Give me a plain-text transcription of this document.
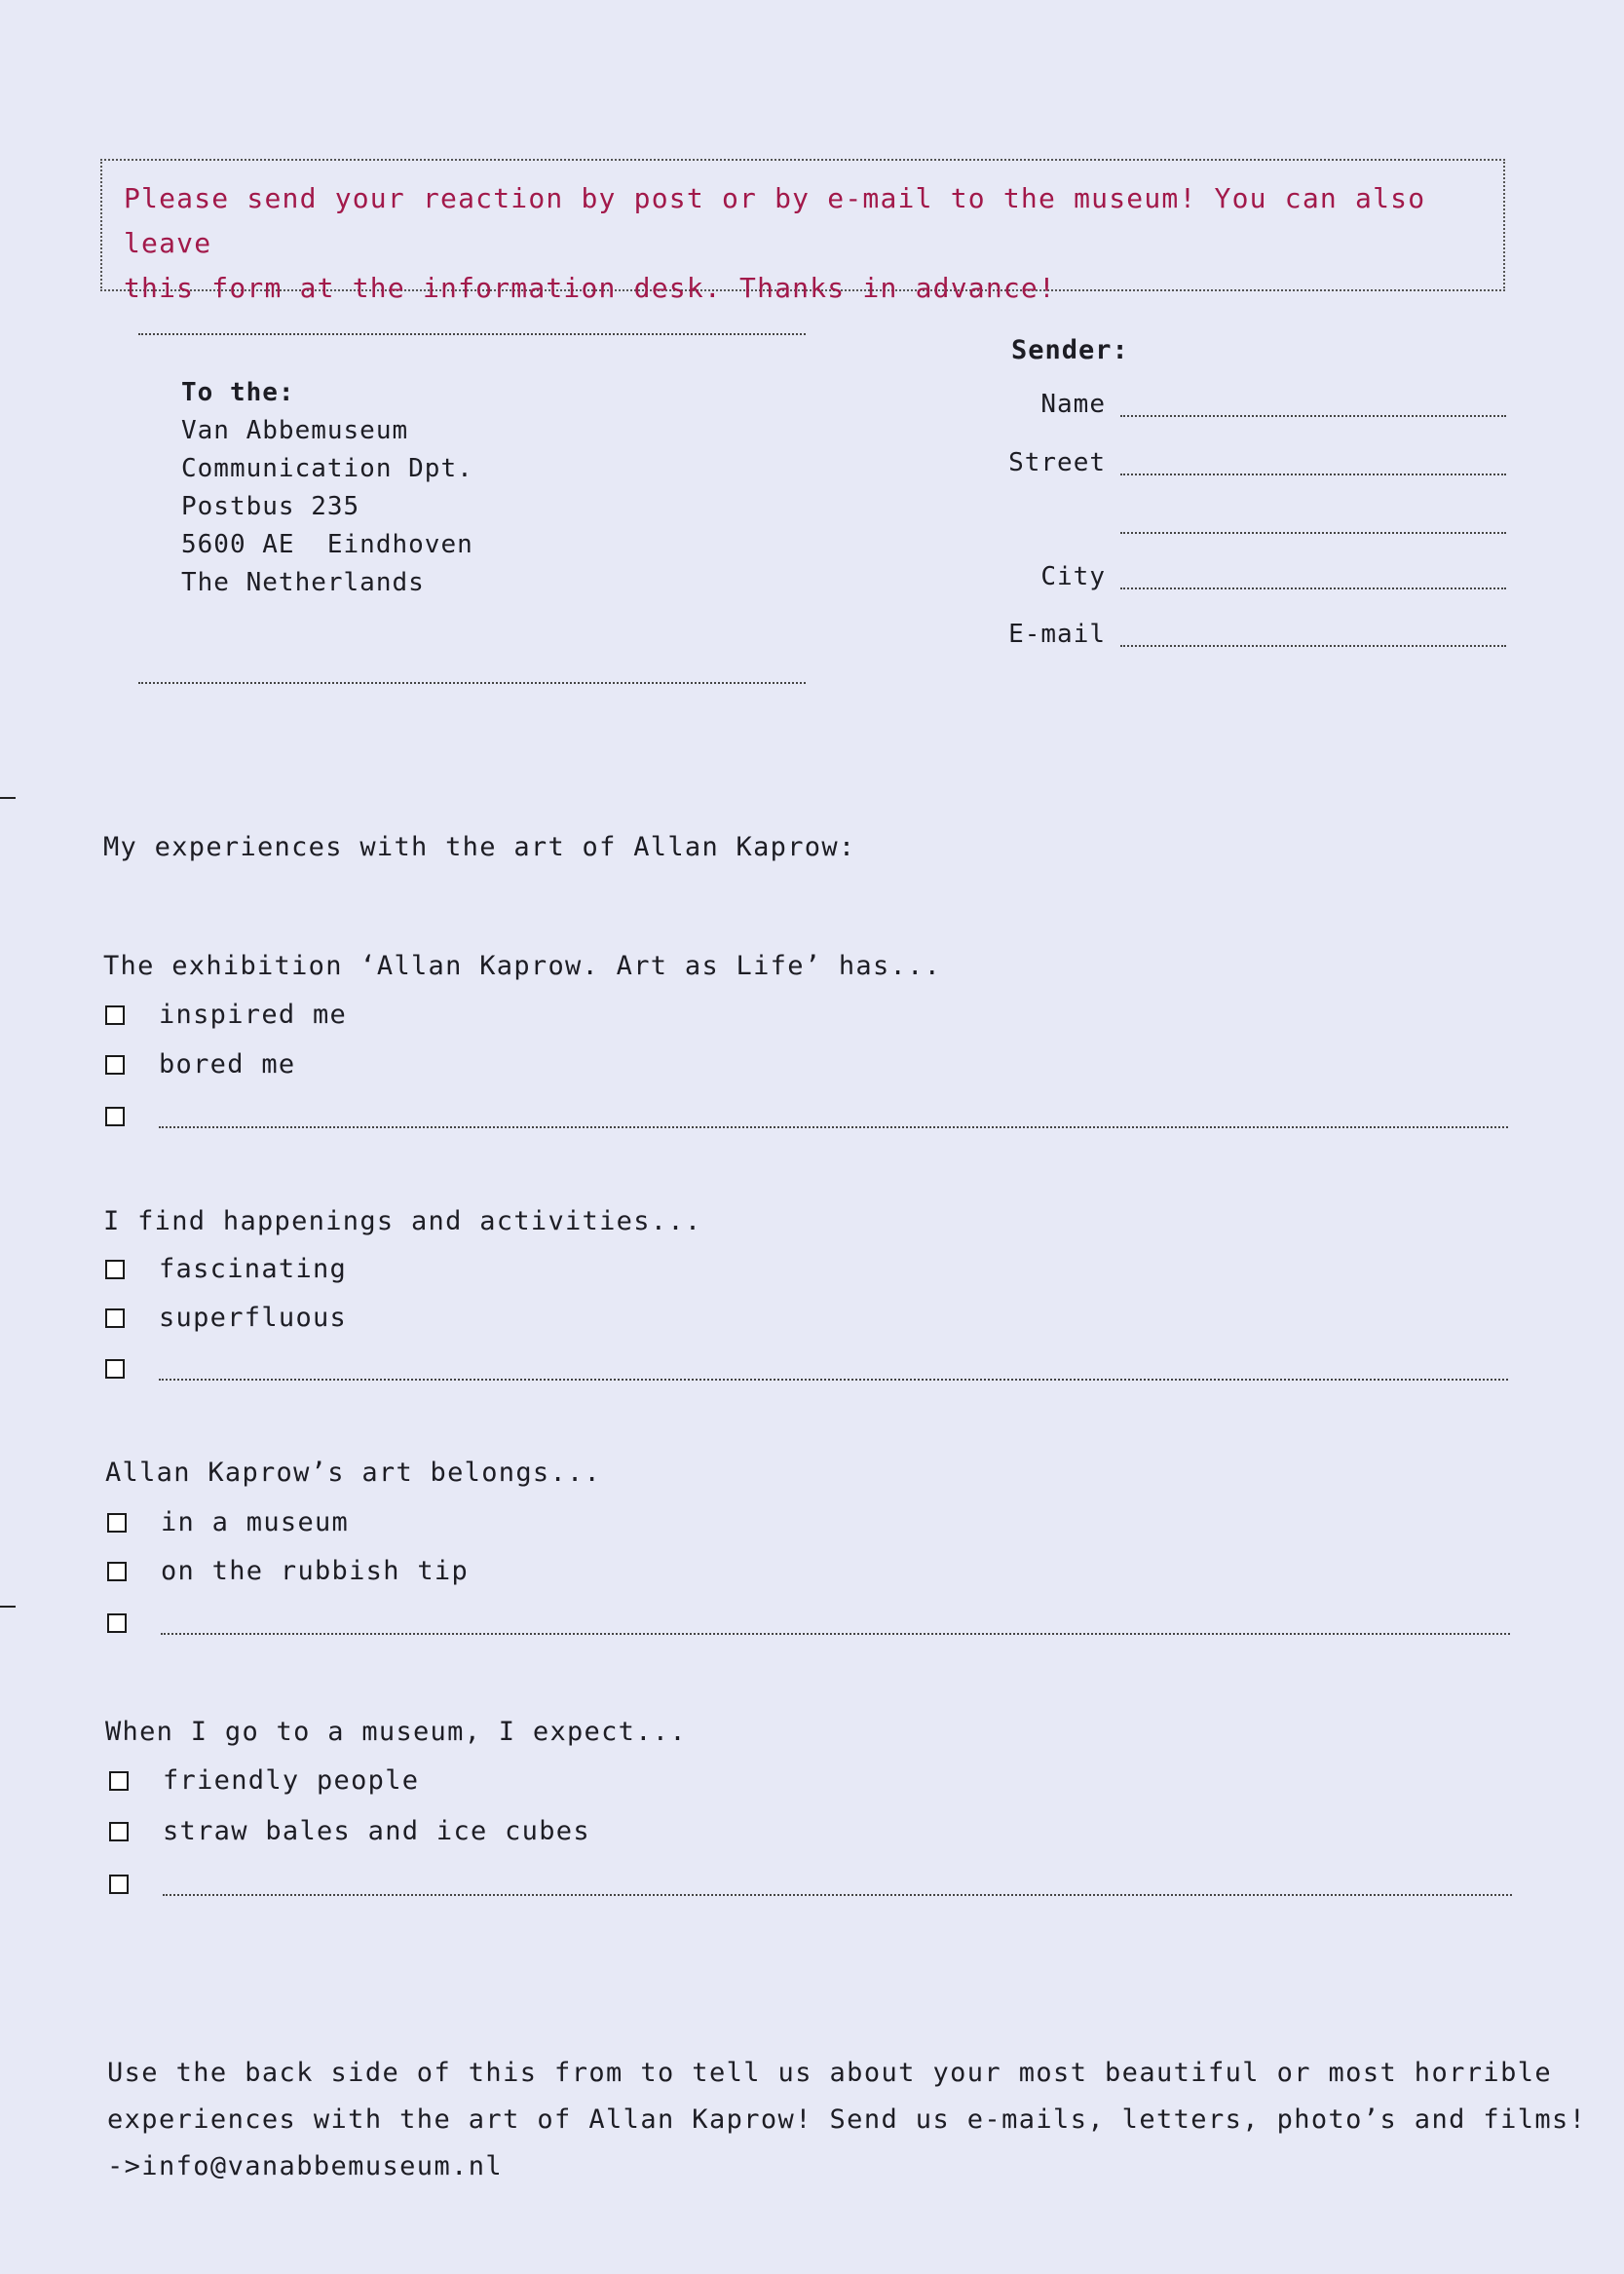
Please send your reaction by post or by e-mail to the museum! You can also leave

this form at the information desk. Thanks in advance!

To the:
Van Abbemuseum
Communication Dpt.
Postbus 235
5600 AE  Eindhoven
The Netherlands
Sender:
Name
Street
City
E-mail
My experiences with the art of Allan Kaprow:
The exhibition ‘Allan Kaprow. Art as Life’ has...
inspired me
bored me
I find happenings and activities...
fascinating
superfluous
Allan Kaprow’s art belongs...
in a museum
on the rubbish tip
When I go to a museum, I expect...
friendly people
straw bales and ice cubes
Use the back side of this from to tell us about your most beautiful or most horrible
experiences with the art of Allan Kaprow! Send us e-mails, letters, photo’s and films!
->info@vanabbemuseum.nl
